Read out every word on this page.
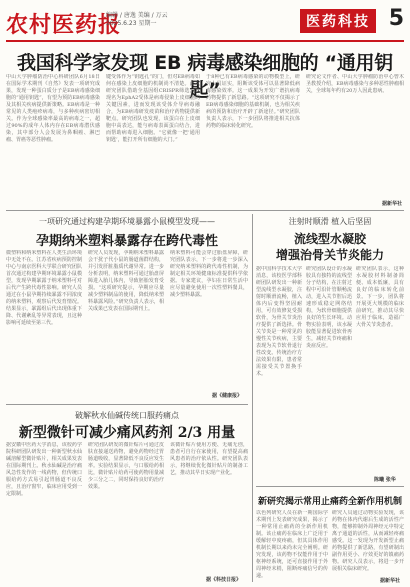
农村医药报
编辑 / 唐逸 美编 / 万云
2025.6.23 星期一	医药科技 5
我国科学家发现 EB 病毒感染细胞的 “通用钥匙”
中山大学肿瘤防治中心科研团队6月18日在国际学术期刊《自然》发表一项研究成果，发现一种蛋白质分子是EB病毒感染细胞的“通用钥匙”，有望为预防EB病毒感染及其相关疾病提供新策略。EB病毒是一种常见的人类疱疹病毒，与多种疾病密切相关。作为全球感染率最高的病毒之一，超过90%的成年人体内存在EB病毒潜伏感染，其中部分人会发展为鼻咽癌、淋巴瘤、胃癌等恶性肿瘤。
键受体作为“钥匙孔”的门，但对EB病毒如何在感染上皮细胞的机制尚不清楚。此次研究团队借助全基因组CRISPR筛选，发现名为EphA2受体是病毒侵染上皮细胞的关键因素，进而发现该受体介导病毒融合，为EB病毒研发疫苗和治疗药物提供新靶点。研究团队也发现，该蛋白在上皮细胞中高表达，能与病毒表面蛋白结合，进而帮助病毒进入细胞。“它就像一把‘通用钥匙’，能打开所有细胞的大门。”
于8种已有EB病毒感染的动物模型上，研究人员证实，阻断该受体可以显著降低病毒感染效率。这一成果为开发广谱抗病毒药物提供了新思路。“这项研究不仅揭示了EB病毒感染细胞的基础机制，也为相关疾病的预防和治疗开辟了新途径。”研究团队负责人表示，下一步团队将推进相关抗体药物的临床转化研究。
研究论文作者、中山大学肿瘤防治中心曾木圣教授介绍，EB病毒感染与多种恶性肿瘤相关，全球每年约有20万人因此患病。
据新华社
一项研究通过构建孕期环境暴露小鼠模型发现——
孕期纳米塑料暴露存在跨代毒性
微塑料和纳米塑料在人类生活环境中无处不在。江苏省疾病预防控制中心与南京医科大学联合研究团队首次通过构建孕期环境暴露小鼠模型，发现孕期暴露于纳米塑料可对后代产生跨代毒性影响。研究人员通过在小鼠孕期持续暴露不同浓度的纳米塑料，观察后代发育情况。结果显示，暴露组后代出现体重下降、代谢紊乱等异常表现，且这种影响可延续至第三代。
研究人员发现，孕期纳米塑料暴露会干扰子代小鼠的肠道菌群结构，并引发肝脏脂质代谢异常。进一步分析表明，纳米塑料可通过胎盘屏障进入胎儿体内，导致胚胎发育受损。“这项研究提示，孕期应尽量减少塑料制品的使用，降低纳米塑料暴露风险。”研究负责人表示，相关成果已发表在国际期刊上。
纳米塑料可能会穿过胎盘屏障，研究团队表示，下一步将进一步深入研究纳米塑料的跨代毒性机制，为制定相关环境健康标准提供科学依据。专家建议，孕妇在日常生活中应尽量避免使用一次性塑料餐具，减少塑料暴露。
据《健康报》
注射时顺滑 植入后坚固
流线型水凝胶
增强治骨关节炎能力
据中国科学技术大学消息，该校医学部科研团队研发出一种新型流线型水凝胶，注射时顺滑流畅，植入体内后变得坚固耐用，可有效修复受损软骨，为骨关节炎治疗提供了新选择。骨关节炎是一种常见的慢性关节疾病，主要表现为关节软骨退行性改变。传统治疗方法效果有限，患者常需接受关节置换手术。
研究团队设计的水凝胶具有独特的流线型分子结构，在注射过程中可沿针管顺畅流动，进入关节腔后迅速形成稳定网络结构，为软骨细胞提供良好的生长环境。动物实验表明，该水凝胶能显著促进软骨再生，减轻关节疼痛和炎症反应。
研究团队表示，这种水凝胶材料制备简便、成本低廉，具有良好的临床转化前景。下一步，团队将开展更大规模的临床前研究，推动其尽快应用于临床，造福广大骨关节炎患者。
陈曦 张华
破解秋水仙碱传统口服药痛点
新型微针可减少痛风药剂 2/3 用量
据安徽中医药大学消息，该校药学院科研团队研发出一种新型秋水仙碱溶解型微针贴片，相关成果发表在国际期刊上。秋水仙碱是治疗痛风急性发作的一线药物，但传统口服给药方式易引起胃肠道不良反应，且治疗窗窄，临床应用受到一定限制。
研究团队研发的微针贴片可通过皮肤直接递送药物，避免药物经过胃肠道吸收，显著降低不良反应发生率。实验结果显示，与口服给药相比，微针贴片给药可使药物用量减少三分之二，同时保持良好的治疗效果。
该微针贴片使用方便、无痛无创，患者可自行在家使用，有望提高痛风患者的治疗依从性。研究团队表示，将继续优化微针贴片的制备工艺，推动其早日实现产业化。
据《科技日报》
新研究揭示常用止痛药全新作用机制
以色列研究人员在新一期国际学术期刊上发表研究成果，揭示了一种常用止痛药的全新作用机制。该止痛药在临床上广泛用于缓解轻中度疼痛，但其具体作用机制长期以来尚未完全阐明。研究发现，该药物不仅能作用于中枢神经系统，还可直接作用于外周神经末梢，阻断疼痛信号的传递。
研究人员通过动物实验发现，该药物在体内代谢后生成的活性产物，能够抑制外周神经元中特定离子通道的活性，从而减轻疼痛感受。这一发现为开发新型止痛药物提供了新思路，有望研制出副作用更小、疗效更好的镇痛药物。研究人员表示，将进一步开展相关临床研究。
据新华社
